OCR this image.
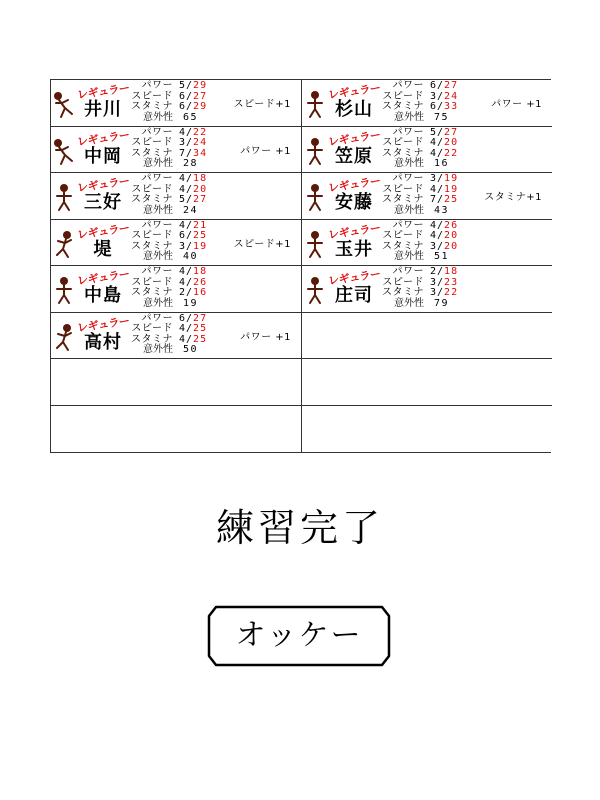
レギュラー
井川
パワー 5/29
スピード 6/27
スタミナ 6/29
意外性 65
スピード+1
レギュラー
杉山
パワー 6/27
スピード 3/24
スタミナ 6/33
意外性 75
パワー +1
レギュラー
中岡
パワー 4/22
スピード 3/24
スタミナ 7/34
意外性 28
パワー +1
レギュラー
笠原
パワー 5/27
スピード 4/20
スタミナ 4/22
意外性 16
レギュラー
三好
パワー 4/18
スピード 4/20
スタミナ 5/27
意外性 24
レギュラー
安藤
パワー 3/19
スピード 4/19
スタミナ 7/25
意外性 43
スタミナ+1
レギュラー
堤
パワー 4/21
スピード 6/25
スタミナ 3/19
意外性 40
スピード+1
レギュラー
玉井
パワー 4/26
スピード 4/20
スタミナ 3/20
意外性 51
レギュラー
中島
パワー 4/18
スピード 4/26
スタミナ 2/16
意外性 19
レギュラー
庄司
パワー 2/18
スピード 3/23
スタミナ 3/22
意外性 79
レギュラー
高村
パワー 6/27
スピード 4/25
スタミナ 4/25
意外性 50
パワー +1
練習完了
オッケー
